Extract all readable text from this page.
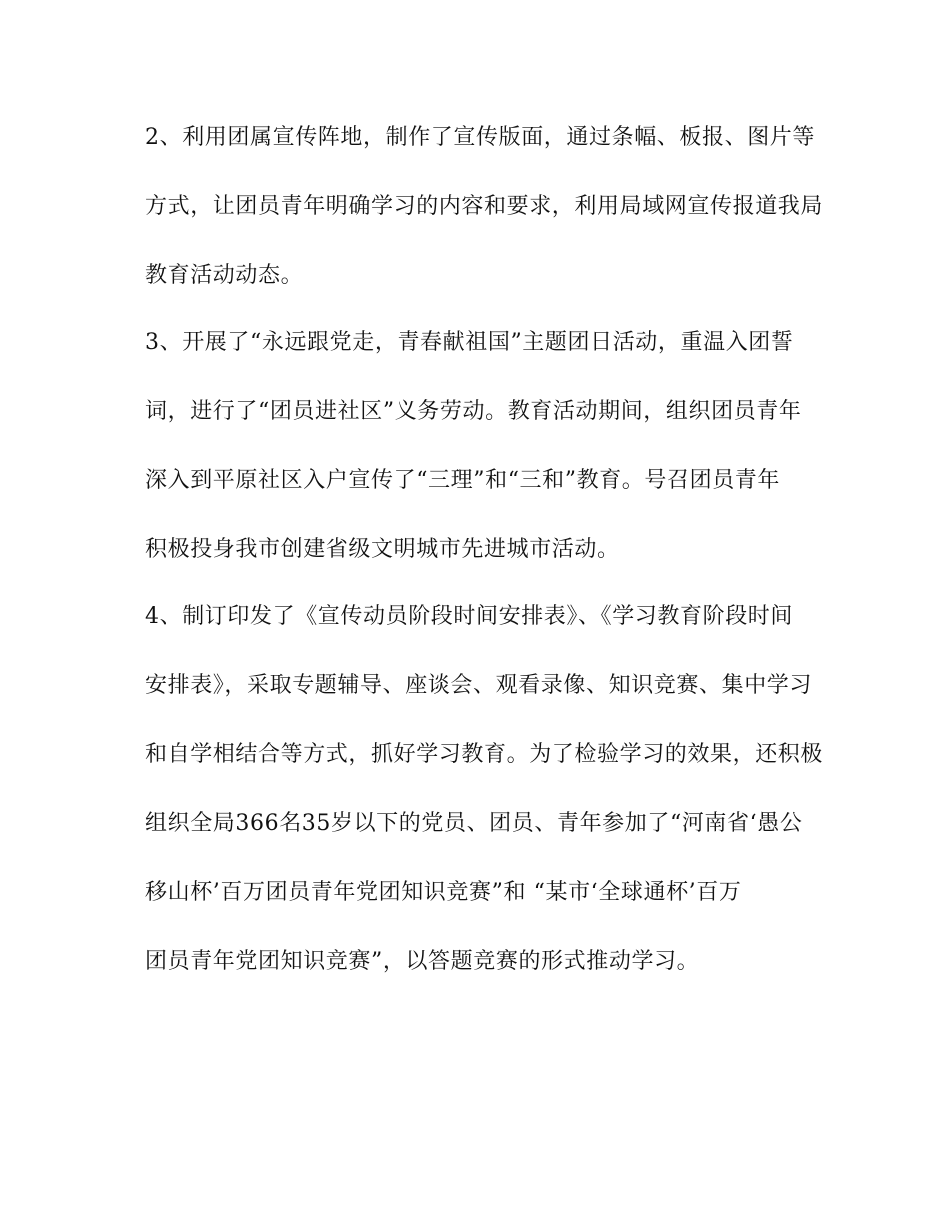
2、利用团属宣传阵地，制作了宣传版面，通过条幅、板报、图片等
方式，让团员青年明确学习的内容和要求，利用局域网宣传报道我局
教育活动动态。
3、开展了“永远跟党走，青春献祖国”主题团日活动，重温入团誓
词，进行了“团员进社区”义务劳动。教育活动期间，组织团员青年
深入到平原社区入户宣传了“三理”和“三和”教育。号召团员青年
积极投身我市创建省级文明城市先进城市活动。
4、制订印发了《宣传动员阶段时间安排表》、《学习教育阶段时间
安排表》，采取专题辅导、座谈会、观看录像、知识竞赛、集中学习
和自学相结合等方式，抓好学习教育。为了检验学习的效果，还积极
组织全局366名35岁以下的党员、团员、青年参加了“河南省‘愚公
移山杯’百万团员青年党团知识竞赛”和 “某市‘全球通杯’百万
团员青年党团知识竞赛”，以答题竞赛的形式推动学习。
